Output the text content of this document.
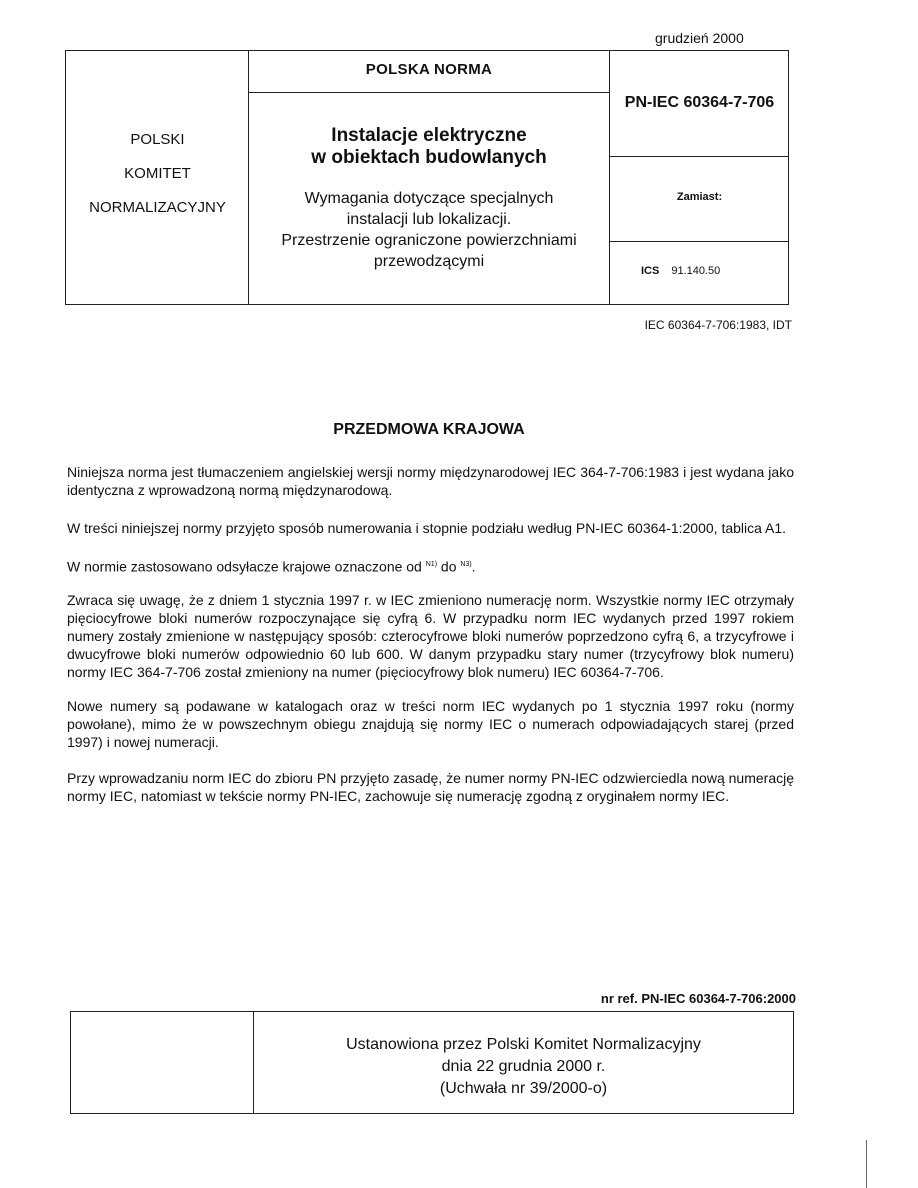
grudzień 2000
POLSKI
KOMITET
NORMALIZACYJNY
POLSKA NORMA
Instalacje elektryczne
w obiektach budowlanych
Wymagania dotyczące specjalnych
instalacji lub lokalizacji.
Przestrzenie ograniczone powierzchniami
przewodzącymi
PN-IEC 60364-7-706
Zamiast:
ICS 91.140.50
IEC 60364-7-706:1983, IDT
PRZEDMOWA KRAJOWA
Niniejsza norma jest tłumaczeniem angielskiej wersji normy międzynarodowej IEC 364-7-706:1983 i jest wydana jako identyczna z wprowadzoną normą międzynarodową.
W treści niniejszej normy przyjęto sposób numerowania i stopnie podziału według PN-IEC 60364-1:2000, tablica A1.
W normie zastosowano odsyłacze krajowe oznaczone od $^{N1)}$ do $^{N3)}$.
Zwraca się uwagę, że z dniem 1 stycznia 1997 r. w IEC zmieniono numerację norm. Wszystkie normy IEC otrzymały pięciocyfrowe bloki numerów rozpoczynające się cyfrą 6. W przypadku norm IEC wydanych przed 1997 rokiem numery zostały zmienione w następujący sposób: czterocyfrowe bloki numerów poprzedzono cyfrą 6, a trzycyfrowe i dwucyfrowe bloki numerów odpowiednio 60 lub 600. W danym przypadku stary numer (trzycyfrowy blok numeru) normy IEC 364-7-706 został zmieniony na numer (pięciocyfrowy blok numeru) IEC 60364-7-706.
Nowe numery są podawane w katalogach oraz w treści norm IEC wydanych po 1 stycznia 1997 roku (normy powołane), mimo że w powszechnym obiegu znajdują się normy IEC o numerach odpowiadających starej (przed 1997) i nowej numeracji.
Przy wprowadzaniu norm IEC do zbioru PN przyjęto zasadę, że numer normy PN-IEC odzwierciedla nową numerację normy IEC, natomiast w tekście normy PN-IEC, zachowuje się numerację zgodną z oryginałem normy IEC.
nr ref. PN-IEC 60364-7-706:2000
Ustanowiona przez Polski Komitet Normalizacyjny
dnia 22 grudnia 2000 r.
(Uchwała nr 39/2000-o)
